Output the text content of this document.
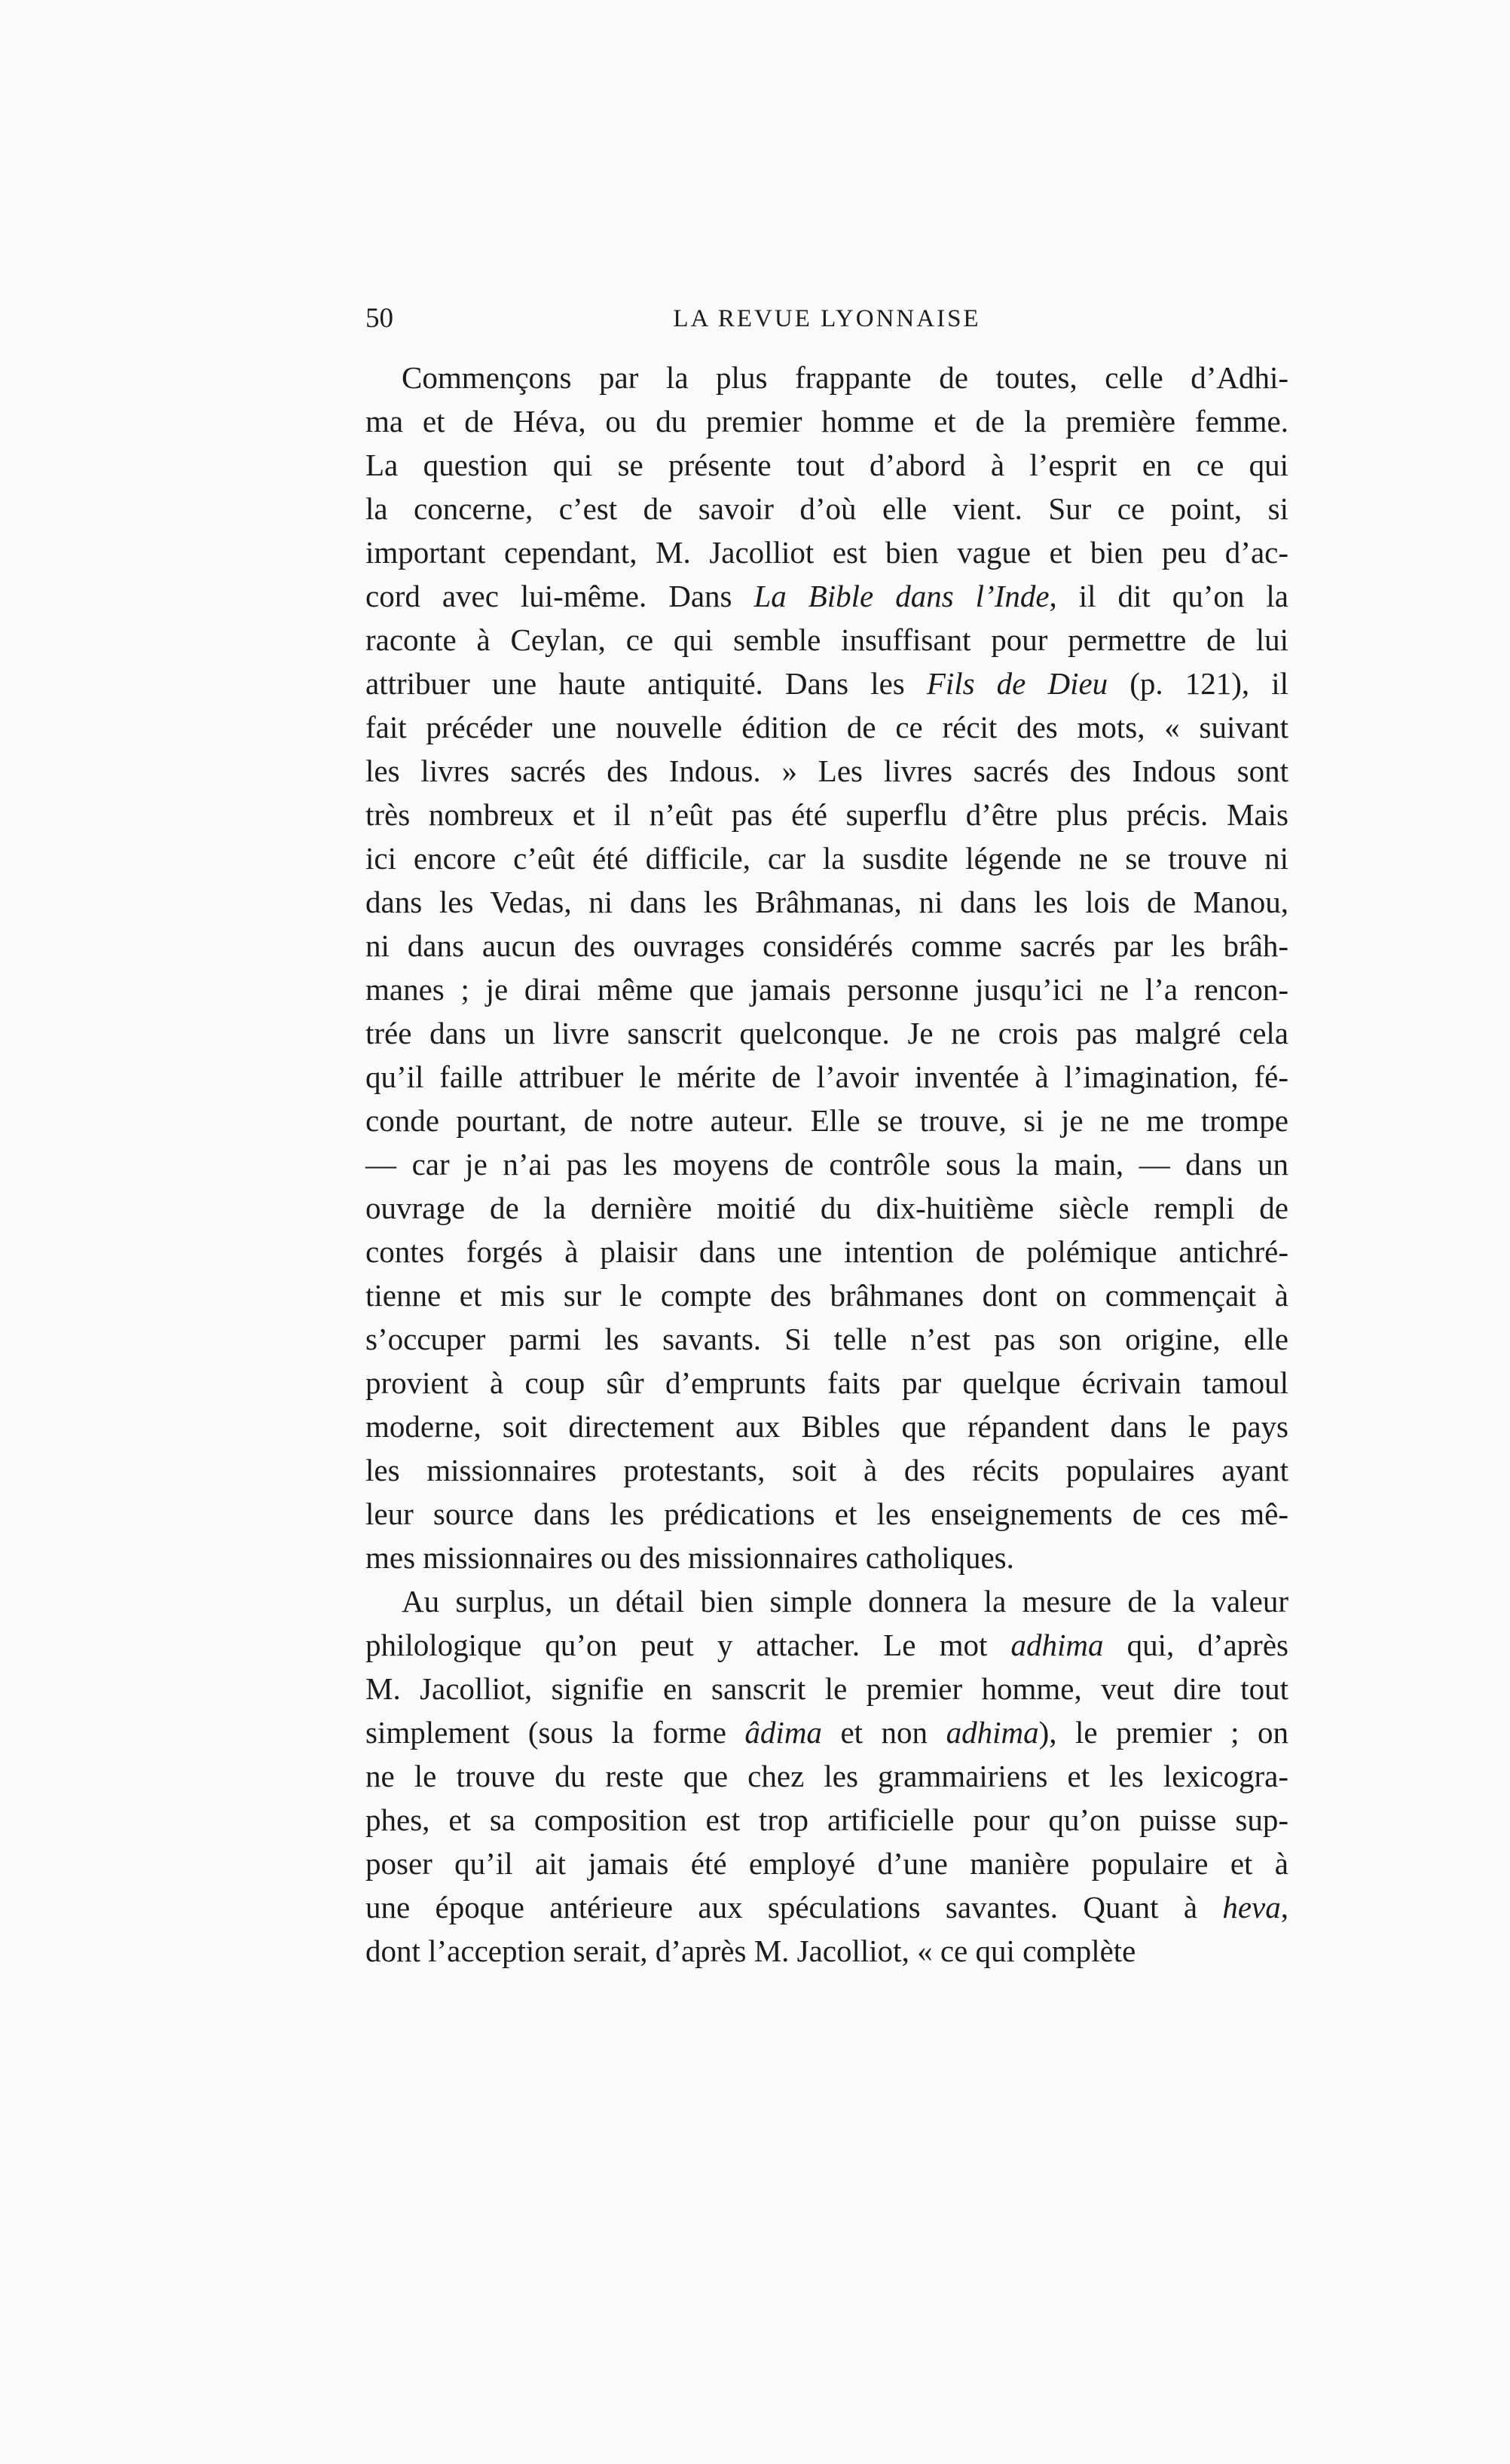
50	LA REVUE LYONNAISE
Commençons par la plus frappante de toutes, celle d’Adhi-
ma et de Héva, ou du premier homme et de la première femme.
La question qui se présente tout d’abord à l’esprit en ce qui
la concerne, c’est de savoir d’où elle vient. Sur ce point, si
important cependant, M. Jacolliot est bien vague et bien peu d’ac-
cord avec lui-même. Dans La Bible dans l’Inde, il dit qu’on la
raconte à Ceylan, ce qui semble insuffisant pour permettre de lui
attribuer une haute antiquité. Dans les Fils de Dieu (p. 121), il
fait précéder une nouvelle édition de ce récit des mots, « suivant
les livres sacrés des Indous. » Les livres sacrés des Indous sont
très nombreux et il n’eût pas été superflu d’être plus précis. Mais
ici encore c’eût été difficile, car la susdite légende ne se trouve ni
dans les Vedas, ni dans les Brâhmanas, ni dans les lois de Manou,
ni dans aucun des ouvrages considérés comme sacrés par les brâh-
manes ; je dirai même que jamais personne jusqu’ici ne l’a rencon-
trée dans un livre sanscrit quelconque. Je ne crois pas malgré cela
qu’il faille attribuer le mérite de l’avoir inventée à l’imagination, fé-
conde pourtant, de notre auteur. Elle se trouve, si je ne me trompe
— car je n’ai pas les moyens de contrôle sous la main, — dans un
ouvrage de la dernière moitié du dix-huitième siècle rempli de
contes forgés à plaisir dans une intention de polémique antichré-
tienne et mis sur le compte des brâhmanes dont on commençait à
s’occuper parmi les savants. Si telle n’est pas son origine, elle
provient à coup sûr d’emprunts faits par quelque écrivain tamoul
moderne, soit directement aux Bibles que répandent dans le pays
les missionnaires protestants, soit à des récits populaires ayant
leur source dans les prédications et les enseignements de ces mê-
mes missionnaires ou des missionnaires catholiques.
Au surplus, un détail bien simple donnera la mesure de la valeur
philologique qu’on peut y attacher. Le mot adhima qui, d’après
M. Jacolliot, signifie en sanscrit le premier homme, veut dire tout
simplement (sous la forme âdima et non adhima), le premier ; on
ne le trouve du reste que chez les grammairiens et les lexicogra-
phes, et sa composition est trop artificielle pour qu’on puisse sup-
poser qu’il ait jamais été employé d’une manière populaire et à
une époque antérieure aux spéculations savantes. Quant à heva,
dont l’acception serait, d’après M. Jacolliot, « ce qui complète
